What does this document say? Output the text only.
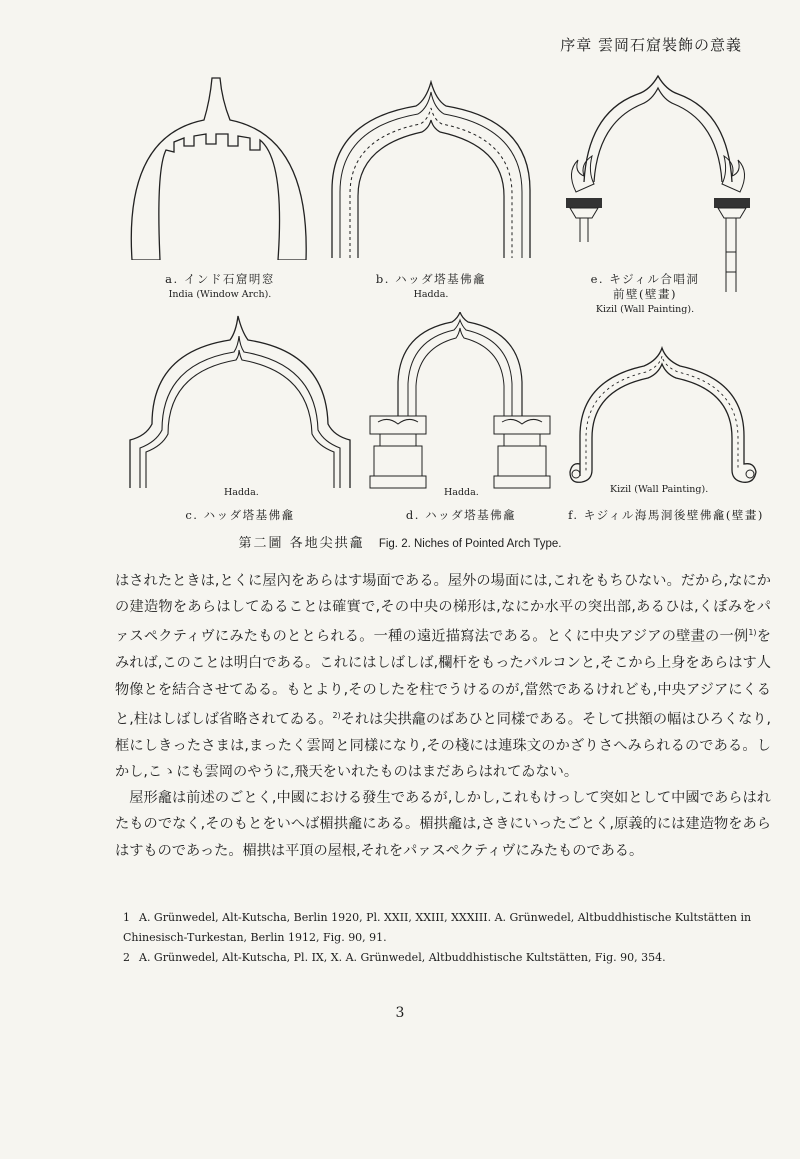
序章 雲岡石窟裝飾の意義
a. インド石窟明窓
India (Window Arch).
b. ハッダ塔基佛龕
Hadda.
e. キジィル合唱洞
前壁(壁畫)
Kizil (Wall Painting).
Hadda.
c. ハッダ塔基佛龕
Hadda.
d. ハッダ塔基佛龕
Kizil (Wall Painting).
f. キジィル海馬洞後壁佛龕(壁畫)
第二圖 各地尖拱龕 Fig. 2. Niches of Pointed Arch Type.

はされたときは,とくに屋內をあらはす場面である。屋外の場面には,これをもちひない。だから,なにかの建造物をあらはしてゐることは確實で,その中央の梯形は,なにか水平の突出部,あるひは,くぼみをパァスペクティヴにみたものととられる。一種の遠近描寫法である。とくに中央アジアの壁畫の一例$^{1)}$をみれば,このことは明白である。これにはしばしば,欄杆をもったバルコンと,そこから上身をあらはす人物像とを結合させてゐる。もとより,そのしたを柱でうけるのが,當然であるけれども,中央アジアにくると,柱はしばしば省略されてゐる。$^{2)}$それは尖拱龕のばあひと同樣である。そして拱額の幅はひろくなり,框にしきったさまは,まったく雲岡と同樣になり,その棧には連珠文のかざりさへみられるのである。しかし,こゝにも雲岡のやうに,飛天をいれたものはまだあらはれてゐない。

屋形龕は前述のごとく,中國における發生であるが,しかし,これもけっして突如として中國であらはれたものでなく,そのもとをいへば楣拱龕にある。楣拱龕は,さきにいったごとく,原義的には建造物をあらはすものであった。楣拱は平頂の屋根,それをパァスペクティヴにみたものである。

1 A. Grünwedel, Alt-Kutscha, Berlin 1920, Pl. XXII, XXIII, XXXIII. A. Grünwedel, Altbuddhistische Kultstätten in Chinesisch-Turkestan, Berlin 1912, Fig. 90, 91.
2 A. Grünwedel, Alt-Kutscha, Pl. IX, X. A. Grünwedel, Altbuddhistische Kultstätten, Fig. 90, 354.
3
